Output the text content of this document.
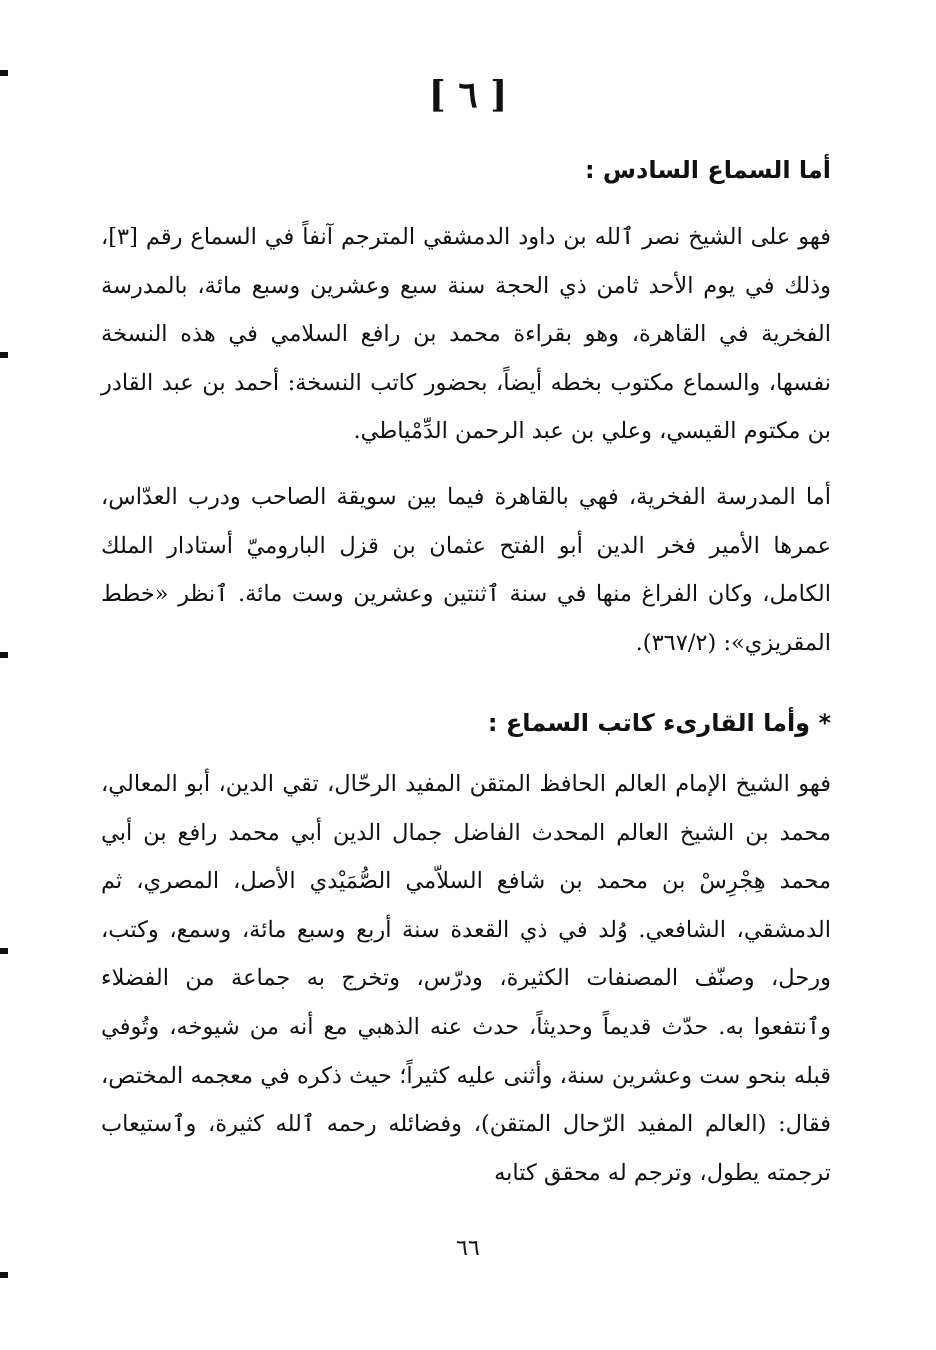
[ ٦ ]
أما السماع السادس :

فهو على الشيخ نصر ٱلله بن داود الدمشقي المترجم آنفاً في السماع رقم [٣]، وذلك في يوم الأحد ثامن ذي الحجة سنة سبع وعشرين وسبع مائة، بالمدرسة الفخرية في القاهرة، وهو بقراءة محمد بن رافع السلامي في هذه النسخة نفسها، والسماع مكتوب بخطه أيضاً، بحضور كاتب النسخة: أحمد بن عبد القادر بن مكتوم القيسي، وعلي بن عبد الرحمن الدِّمْياطي.

أما المدرسة الفخرية، فهي بالقاهرة فيما بين سويقة الصاحب ودرب العدّاس، عمرها الأمير فخر الدين أبو الفتح عثمان بن قزل الباروميّ أستادار الملك الكامل، وكان الفراغ منها في سنة ٱثنتين وعشرين وست مائة. ٱنظر «خطط المقريزي»: (٣٦٧/٢).

* وأما القارىء كاتب السماع :

فهو الشيخ الإمام العالم الحافظ المتقن المفيد الرحّال، تقي الدين، أبو المعالي، محمد بن الشيخ العالم المحدث الفاضل جمال الدين أبي محمد رافع بن أبي محمد هِجْرِسْ بن محمد بن شافع السلاّمي الصُّمَيْدي الأصل، المصري، ثم الدمشقي، الشافعي. وُلد في ذي القعدة سنة أربع وسبع مائة، وسمع، وكتب، ورحل، وصنّف المصنفات الكثيرة، ودرّس، وتخرج به جماعة من الفضلاء وٱنتفعوا به. حدّث قديماً وحديثاً، حدث عنه الذهبي مع أنه من شيوخه، وتُوفي قبله بنحو ست وعشرين سنة، وأثنى عليه كثيراً؛ حيث ذكره في معجمه المختص، فقال: (العالم المفيد الرّحال المتقن)، وفضائله رحمه ٱلله كثيرة، وٱستيعاب ترجمته يطول، وترجم له محقق كتابه

٦٦
